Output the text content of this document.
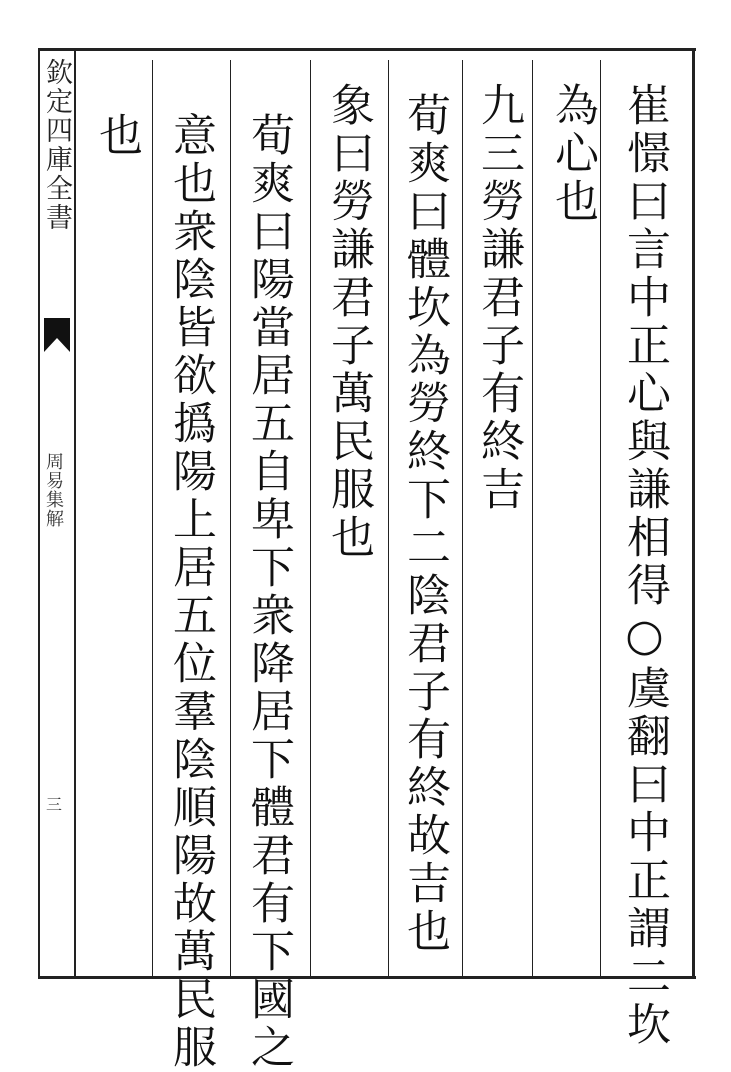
欽定四庫全書
周易集解
三	崔憬曰言中正心與謙相得○虞翻曰中正謂二坎
為心也
九三勞謙君子有終吉
荀爽曰體坎為勞終下二陰君子有終故吉也
象曰勞謙君子萬民服也
荀爽曰陽當居五自卑下衆降居下體君有下國之
意也衆陰皆欲撝陽上居五位羣陰順陽故萬民服
也
